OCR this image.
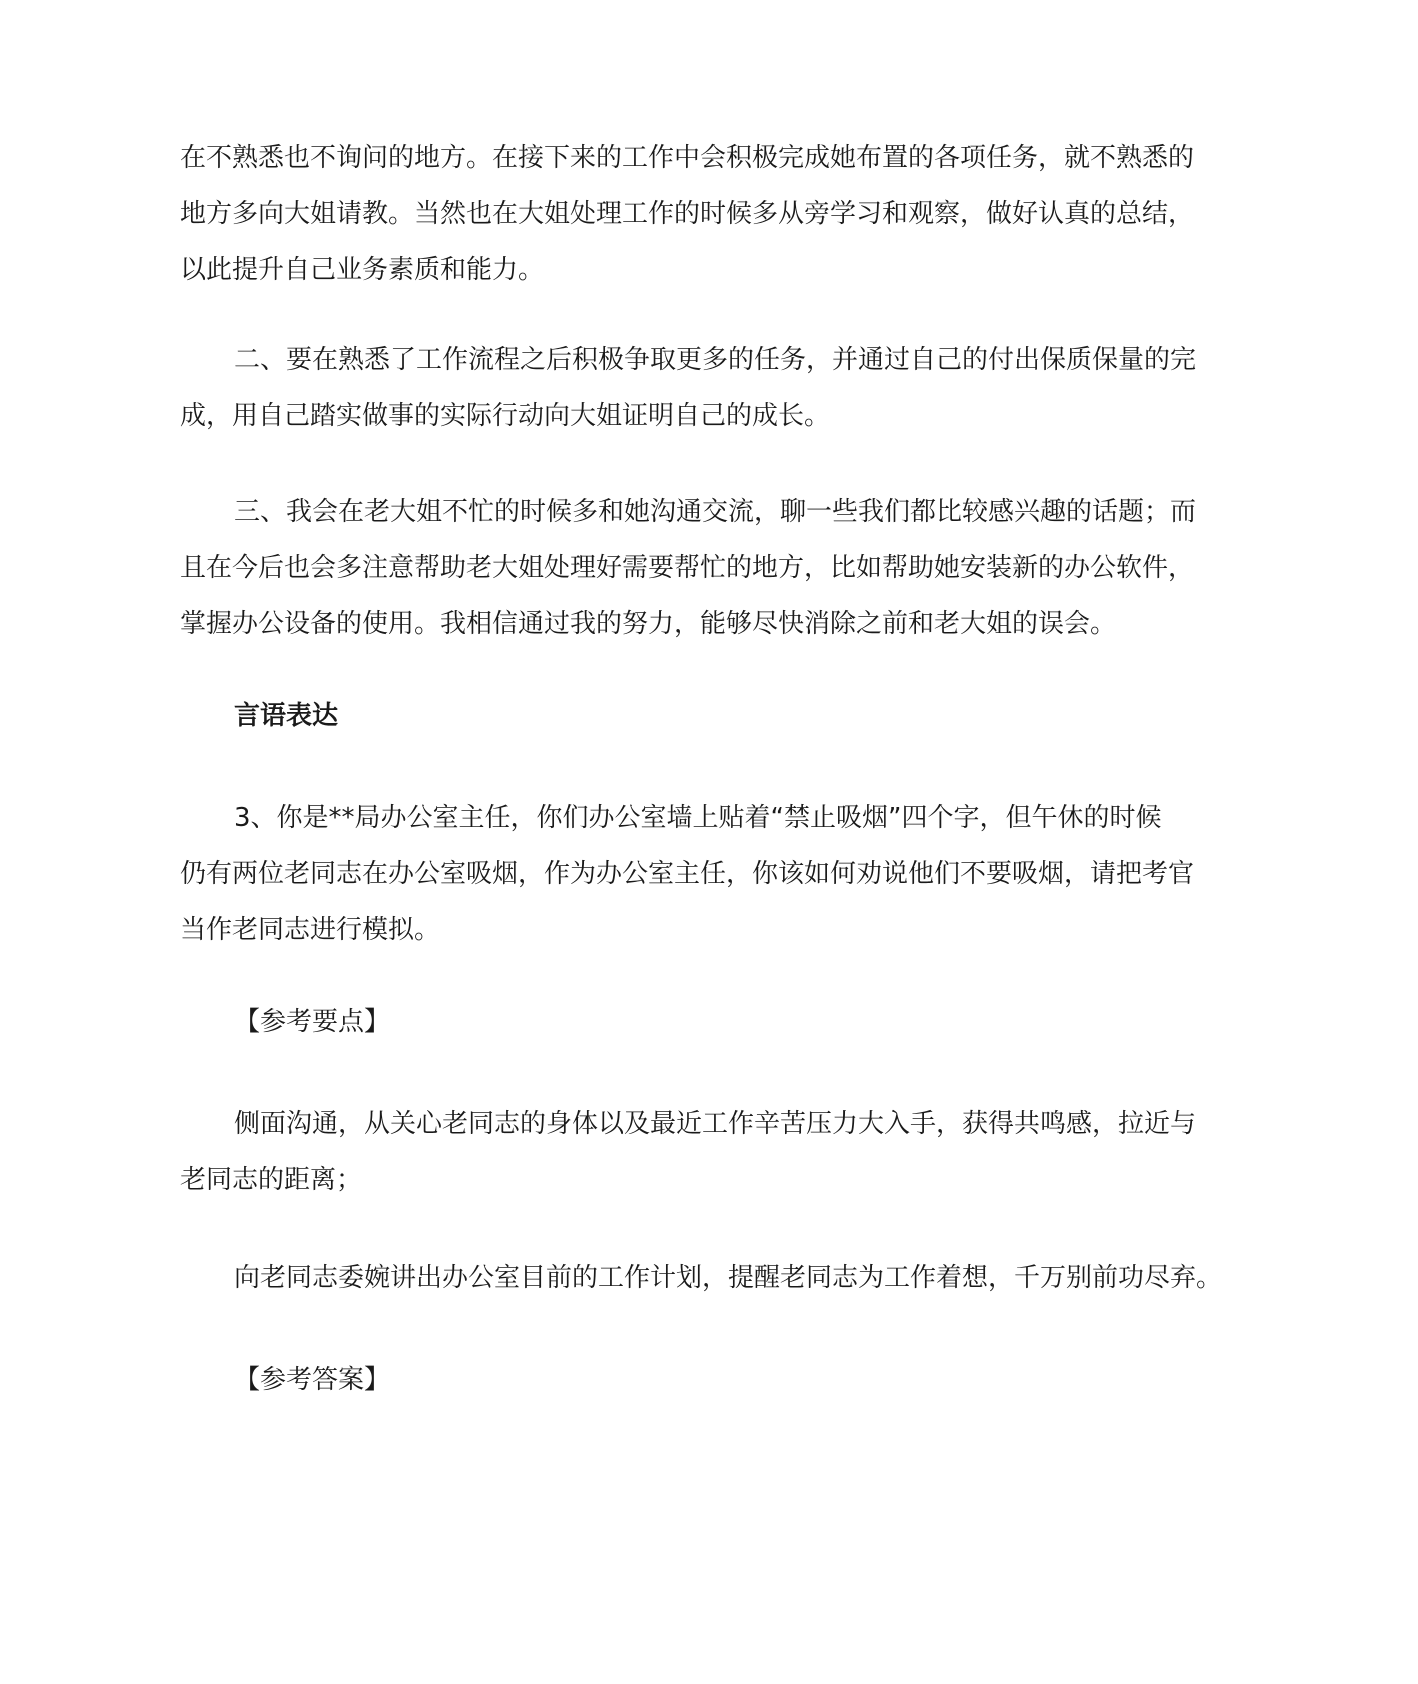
在不熟悉也不询问的地方。在接下来的工作中会积极完成她布置的各项任务，就不熟悉的
地方多向大姐请教。当然也在大姐处理工作的时候多从旁学习和观察，做好认真的总结，
以此提升自己业务素质和能力。
二、要在熟悉了工作流程之后积极争取更多的任务，并通过自己的付出保质保量的完
成，用自己踏实做事的实际行动向大姐证明自己的成长。
三、我会在老大姐不忙的时候多和她沟通交流，聊一些我们都比较感兴趣的话题；而
且在今后也会多注意帮助老大姐处理好需要帮忙的地方，比如帮助她安装新的办公软件，
掌握办公设备的使用。我相信通过我的努力，能够尽快消除之前和老大姐的误会。
言语表达
3、你是**局办公室主任，你们办公室墙上贴着“禁止吸烟”四个字，但午休的时候
仍有两位老同志在办公室吸烟，作为办公室主任，你该如何劝说他们不要吸烟，请把考官
当作老同志进行模拟。
【参考要点】
侧面沟通，从关心老同志的身体以及最近工作辛苦压力大入手，获得共鸣感，拉近与
老同志的距离；
向老同志委婉讲出办公室目前的工作计划，提醒老同志为工作着想，千万别前功尽弃。
【参考答案】
